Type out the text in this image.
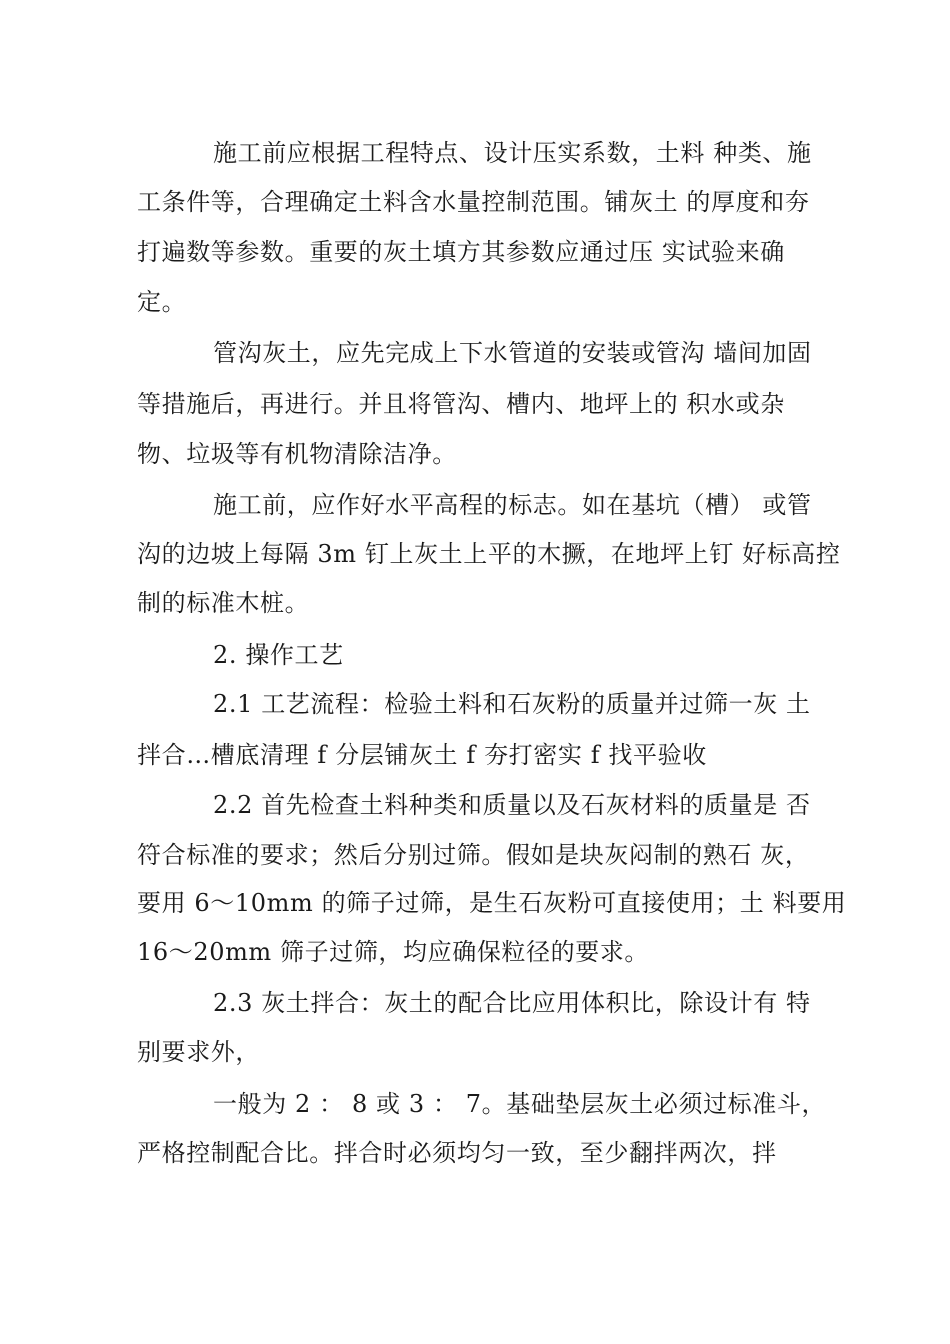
施工前应根据工程特点、设计压实系数，土料 种类、施
工条件等，合理确定土料含水量控制范围。铺灰土 的厚度和夯
打遍数等参数。重要的灰土填方其参数应通过压 实试验来确
定。
管沟灰土，应先完成上下水管道的安装或管沟 墙间加固
等措施后，再进行。并且将管沟、槽内、地坪上的 积水或杂
物、垃圾等有机物清除洁净。
施工前，应作好水平高程的标志。如在基坑（槽） 或管
沟的边坡上每隔 3m 钉上灰土上平的木撅，在地坪上钉 好标高控
制的标准木桩。
2. 操作工艺
2.1 工艺流程：检验土料和石灰粉的质量并过筛一灰 土
拌合…槽底清理 f 分层铺灰土 f 夯打密实 f 找平验收
2.2 首先检查土料种类和质量以及石灰材料的质量是 否
符合标准的要求；然后分别过筛。假如是块灰闷制的熟石 灰，
要用 6〜10mm 的筛子过筛，是生石灰粉可直接使用；土 料要用
16〜20mm 筛子过筛，均应确保粒径的要求。
2.3 灰土拌合：灰土的配合比应用体积比，除设计有 特
别要求外，
一般为 2 ： 8 或 3 ： 7。基础垫层灰土必须过标准斗，
严格控制配合比。拌合时必须均匀一致，至少翻拌两次，拌
